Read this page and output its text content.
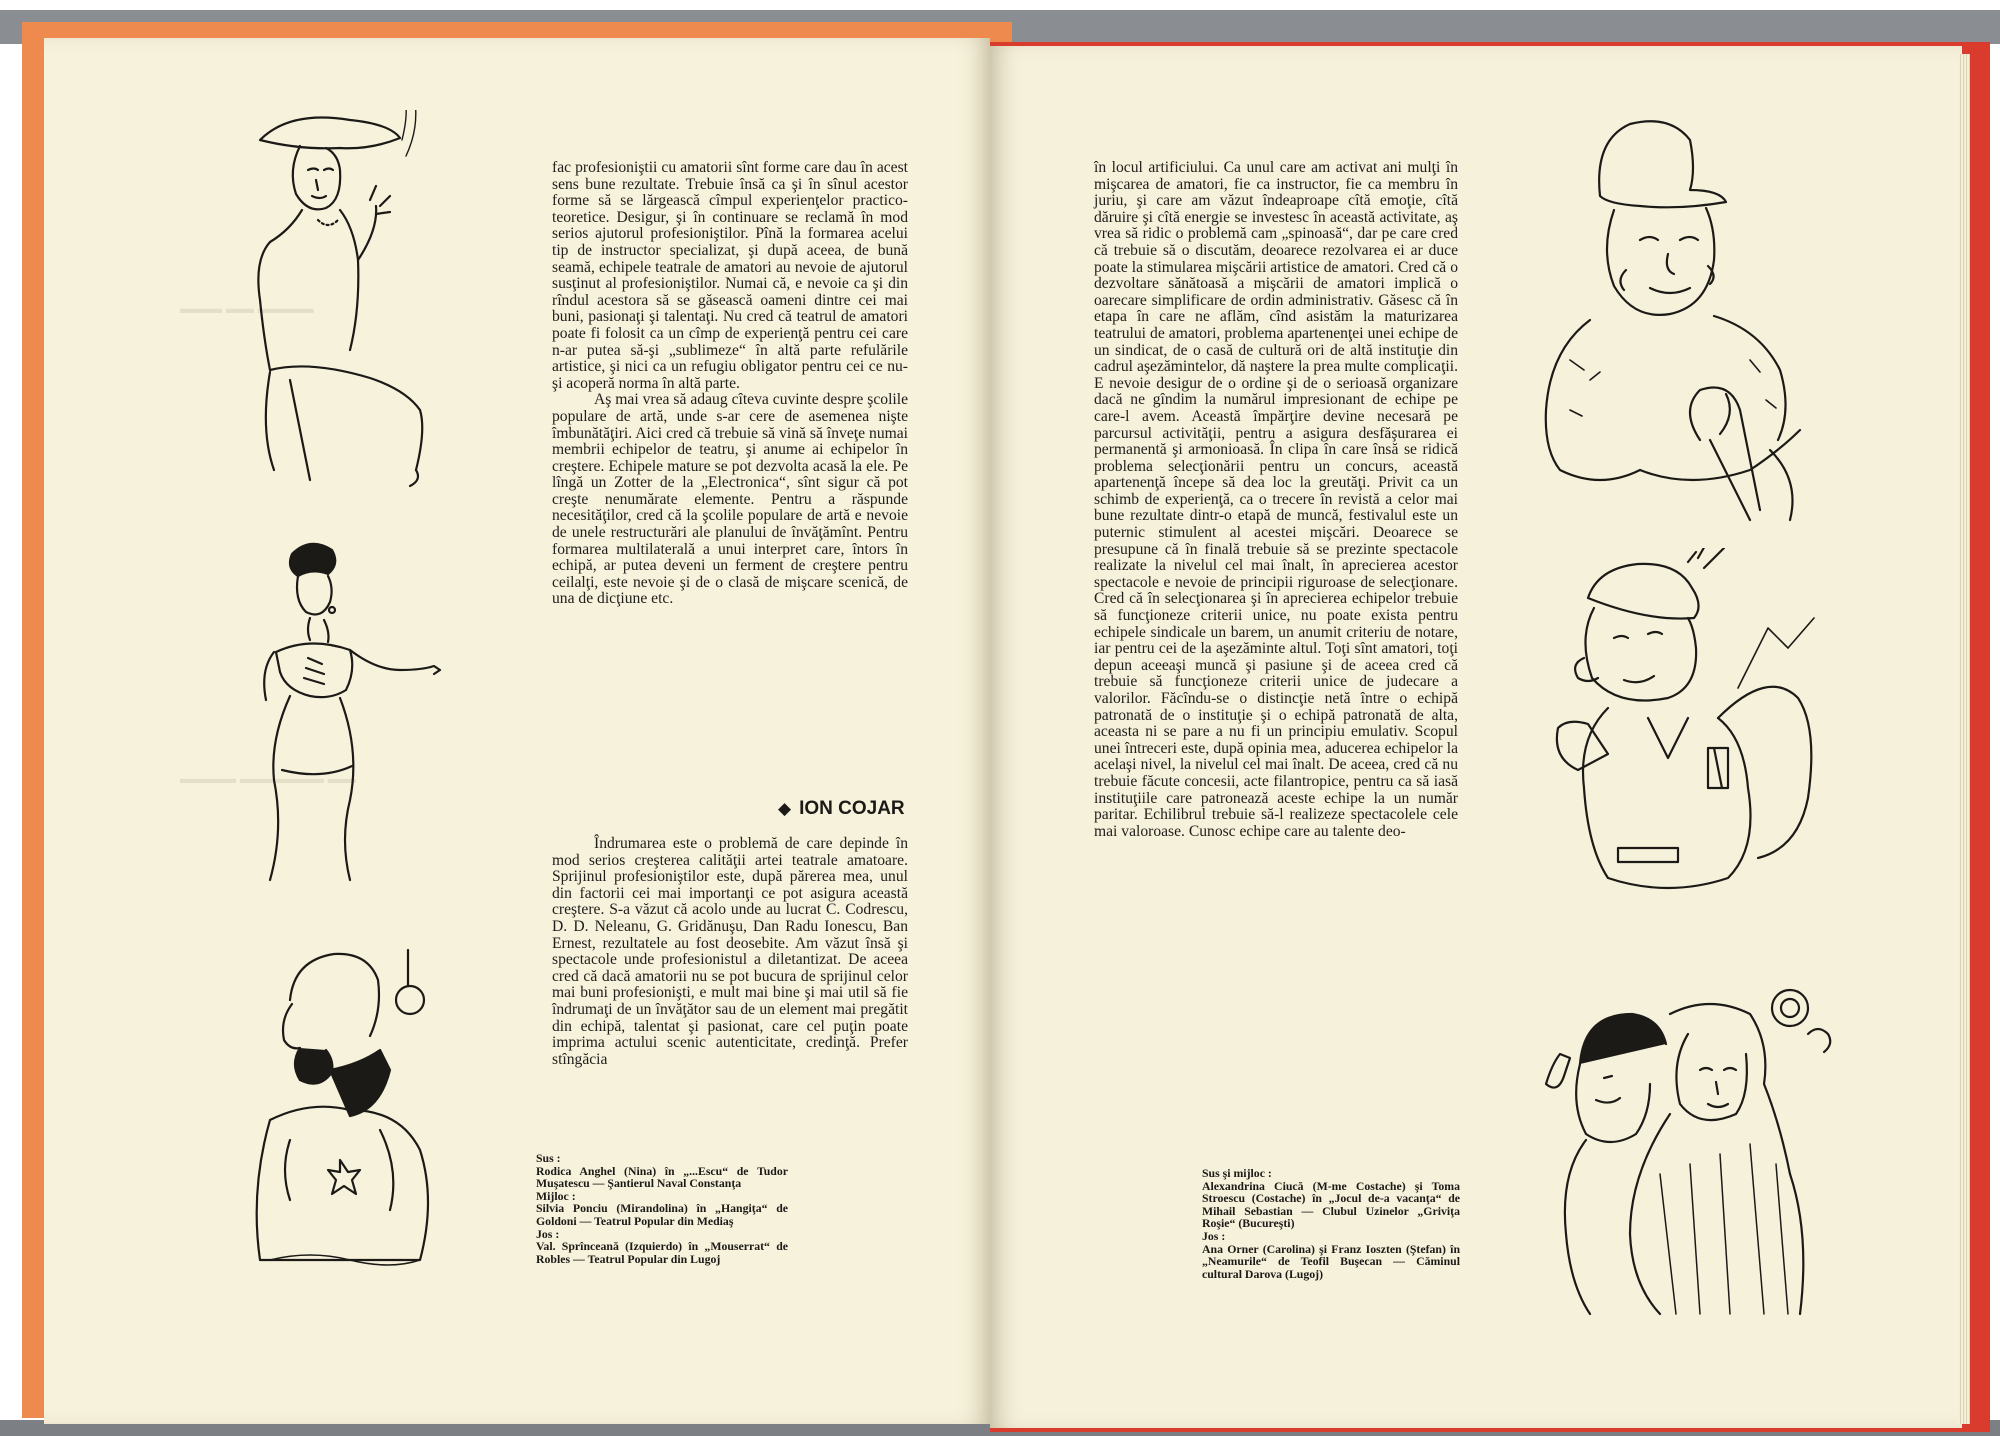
▬▬▬ ▬▬ ▬▬▬▬
▬▬▬▬ ▬▬▬▬▬▬ ▬▬

fac profesioniştii cu amatorii sînt forme care dau în acest sens bune rezultate. Trebuie însă ca şi în sînul acestor forme să se lărgească cîmpul experienţelor practico-teoretice. Desigur, şi în continuare se reclamă în mod serios ajutorul profesioniştilor. Pînă la formarea acelui tip de instructor specializat, şi după aceea, de bună seamă, echipele teatrale de amatori au nevoie de ajutorul susţinut al profesioniştilor. Numai că, e nevoie ca şi din rîndul acestora să se găsească oameni dintre cei mai buni, pasionaţi şi talentaţi. Nu cred că teatrul de amatori poate fi folosit ca un cîmp de experienţă pentru cei care n-ar putea să-şi „sublimeze“ în altă parte refulările artistice, şi nici ca un refugiu obligator pentru cei ce nu-şi acoperă norma în altă parte.

Aş mai vrea să adaug cîteva cuvinte despre şcolile populare de artă, unde s-ar cere de asemenea nişte îmbunătăţiri. Aici cred că trebuie să vină să înveţe numai membrii echipelor de teatru, şi anume ai echipelor în creştere. Echipele mature se pot dezvolta acasă la ele. Pe lîngă un Zotter de la „Electronica“, sînt sigur că pot creşte nenumărate elemente. Pentru a răspunde necesităţilor, cred că la şcolile populare de artă e nevoie de unele restructurări ale planului de învăţămînt. Pentru formarea multilaterală a unui interpret care, întors în echipă, ar putea deveni un ferment de creştere pentru ceilalţi, este nevoie şi de o clasă de mişcare scenică, de una de dicţiune etc.

◆ ION COJAR

Îndrumarea este o problemă de care depinde în mod serios creşterea calităţii artei teatrale amatoare. Sprijinul profesioniştilor este, după părerea mea, unul din factorii cei mai importanţi ce pot asigura această creştere. S-a văzut că acolo unde au lucrat C. Codrescu, D. D. Neleanu, G. Gridănuşu, Dan Radu Ionescu, Ban Ernest, rezultatele au fost deosebite. Am văzut însă şi spectacole unde profesionistul a diletantizat. De aceea cred că dacă amatorii nu se pot bucura de sprijinul celor mai buni profesionişti, e mult mai bine şi mai util să fie îndrumaţi de un învăţător sau de un element mai pregătit din echipă, talentat şi pasionat, care cel puţin poate imprima actului scenic autenticitate, credinţă. Prefer stîngăcia

Sus :
Rodica Anghel (Nina) în „...Escu“ de Tudor Muşatescu — Şantierul Naval Constanţa
Mijloc :
Silvia Ponciu (Mirandolina) în „Hangiţa“ de Goldoni — Teatrul Popular din Mediaş
Jos :
Val. Sprînceană (Izquierdo) în „Mouserrat“ de Robles — Teatrul Popular din Lugoj

în locul artificiului. Ca unul care am activat ani mulţi în mişcarea de amatori, fie ca instructor, fie ca membru în juriu, şi care am văzut îndeaproape cîtă emoţie, cîtă dăruire şi cîtă energie se investesc în această activitate, aş vrea să ridic o problemă cam „spinoasă“, dar pe care cred că trebuie să o discutăm, deoarece rezolvarea ei ar duce poate la stimularea mişcării artistice de amatori. Cred că o dezvoltare sănătoasă a mişcării de amatori implică o oarecare simplificare de ordin administrativ. Găsesc că în etapa în care ne aflăm, cînd asistăm la maturizarea teatrului de amatori, problema apartenenţei unei echipe de un sindicat, de o casă de cultură ori de altă instituţie din cadrul aşezămintelor, dă naştere la prea multe complicaţii. E nevoie desigur de o ordine şi de o serioasă organizare dacă ne gîndim la numărul impresionant de echipe pe care-l avem. Această împărţire devine necesară pe parcursul activităţii, pentru a asigura desfăşurarea ei permanentă şi armonioasă. În clipa în care însă se ridică problema selecţionării pentru un concurs, această apartenenţă începe să dea loc la greutăţi. Privit ca un schimb de experienţă, ca o trecere în revistă a celor mai bune rezultate dintr-o etapă de muncă, festivalul este un puternic stimulent al acestei mişcări. Deoarece se presupune că în finală trebuie să se prezinte spectacole realizate la nivelul cel mai înalt, în aprecierea acestor spectacole e nevoie de principii riguroase de selecţionare. Cred că în selecţionarea şi în aprecierea echipelor trebuie să funcţioneze criterii unice, nu poate exista pentru echipele sindicale un barem, un anumit criteriu de notare, iar pentru cei de la aşezăminte altul. Toţi sînt amatori, toţi depun aceeaşi muncă şi pasiune şi de aceea cred că trebuie să funcţioneze criterii unice de judecare a valorilor. Făcîndu-se o distincţie netă între o echipă patronată de o instituţie şi o echipă patronată de alta, aceasta ni se pare a nu fi un principiu emulativ. Scopul unei întreceri este, după opinia mea, aducerea echipelor la acelaşi nivel, la nivelul cel mai înalt. De aceea, cred că nu trebuie făcute concesii, acte filantropice, pentru ca să iasă instituţiile care patronează aceste echipe la un număr paritar. Echilibrul trebuie să-l realizeze spectacolele cele mai valoroase. Cunosc echipe care au talente deo-

Sus şi mijloc :
Alexandrina Ciucă (M-me Costache) şi Toma Stroescu (Costache) în „Jocul de-a vacanţa“ de Mihail Sebastian — Clubul Uzinelor „Griviţa Roşie“ (Bucureşti)
Jos :
Ana Orner (Carolina) şi Franz Ioszten (Ştefan) în „Neamurile“ de Teofil Buşecan — Căminul cultural Darova (Lugoj)
